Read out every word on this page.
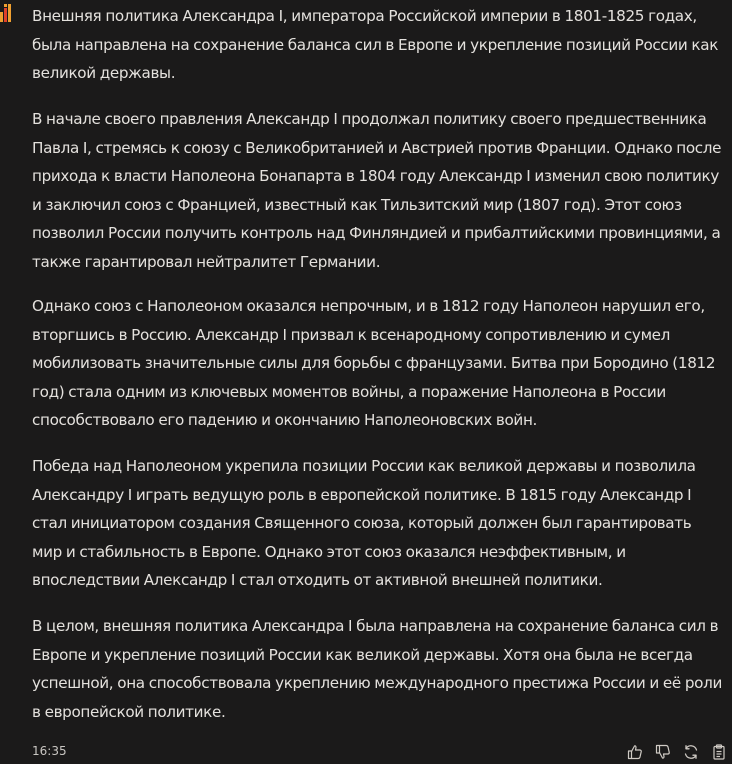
Внешняя политика Александра I, императора Российской империи в 1801-1825 годах, была направлена на сохранение баланса сил в Европе и укрепление позиций России как великой державы.

В начале своего правления Александр I продолжал политику своего предшественника Павла I, стремясь к союзу с Великобританией и Австрией против Франции. Однако после прихода к власти Наполеона Бонапарта в 1804 году Александр I изменил свою политику и заключил союз с Францией, известный как Тильзитский мир (1807 год). Этот союз позволил России получить контроль над Финляндией и прибалтийскими провинциями, а также гарантировал нейтралитет Германии.

Однако союз с Наполеоном оказался непрочным, и в 1812 году Наполеон нарушил его, вторгшись в Россию. Александр I призвал к всенародному сопротивлению и сумел мобилизовать значительные силы для борьбы с французами. Битва при Бородино (1812 год) стала одним из ключевых моментов войны, а поражение Наполеона в России способствовало его падению и окончанию Наполеоновских войн.

Победа над Наполеоном укрепила позиции России как великой державы и позволила Александру I играть ведущую роль в европейской политике. В 1815 году Александр I стал инициатором создания Священного союза, который должен был гарантировать мир и стабильность в Европе. Однако этот союз оказался неэффективным, и впоследствии Александр I стал отходить от активной внешней политики.

В целом, внешняя политика Александра I была направлена на сохранение баланса сил в Европе и укрепление позиций России как великой державы. Хотя она была не всегда успешной, она способствовала укреплению международного престижа России и её роли в европейской политике.

16:35
